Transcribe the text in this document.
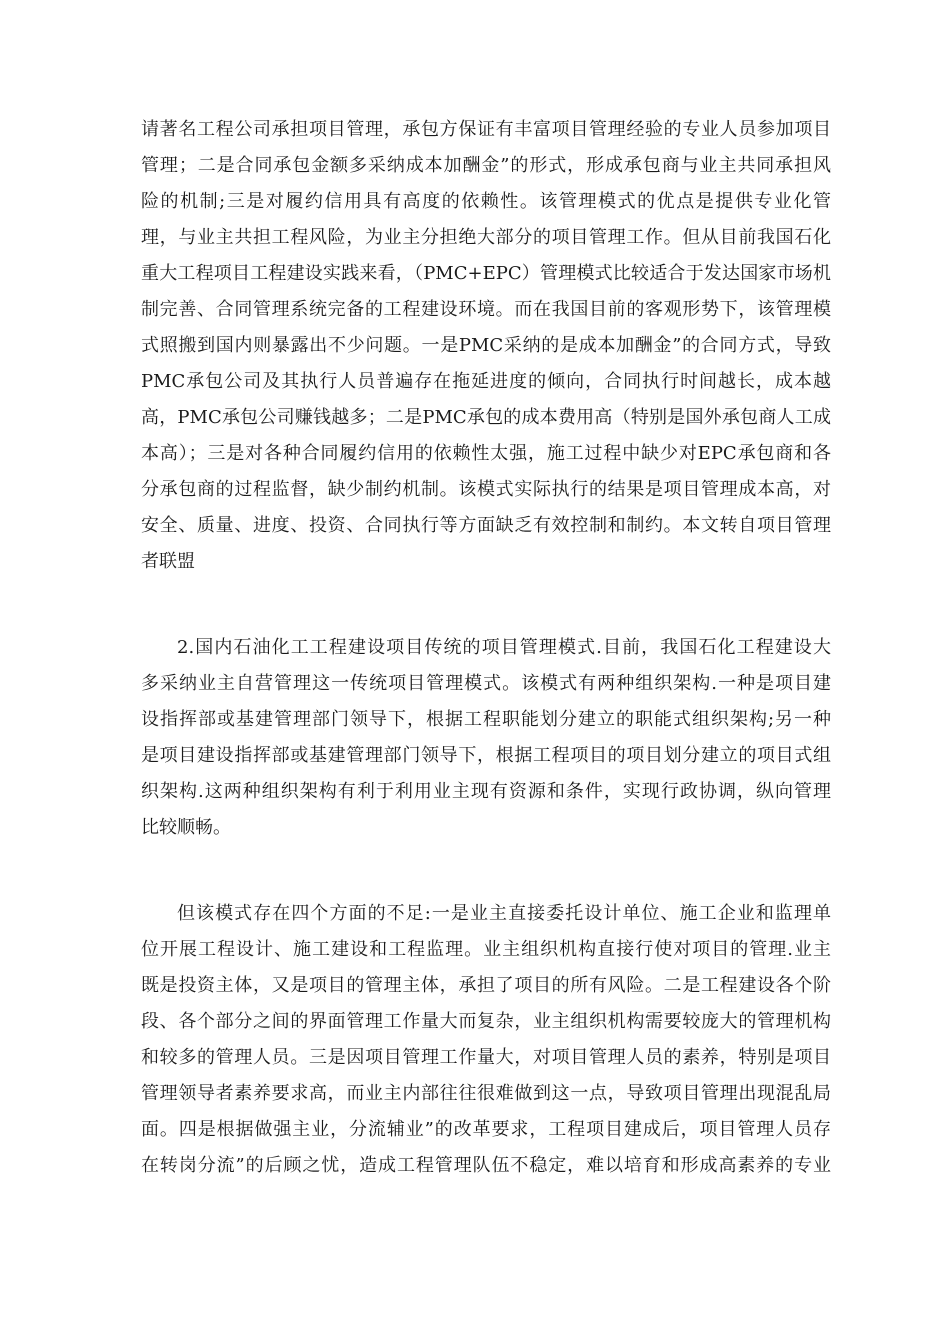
请著名工程公司承担项目管理，承包方保证有丰富项目管理经验的专业人员参加项目
管理；二是合同承包金额多采纳成本加酬金”的形式，形成承包商与业主共同承担风
险的机制;三是对履约信用具有高度的依赖性。该管理模式的优点是提供专业化管
理，与业主共担工程风险，为业主分担绝大部分的项目管理工作。但从目前我国石化
重大工程项目工程建设实践来看，（PMC+EPC）管理模式比较适合于发达国家市场机
制完善、合同管理系统完备的工程建设环境。而在我国目前的客观形势下，该管理模
式照搬到国内则暴露出不少问题。一是PMC采纳的是成本加酬金”的合同方式，导致
PMC承包公司及其执行人员普遍存在拖延进度的倾向，合同执行时间越长，成本越
高，PMC承包公司赚钱越多；二是PMC承包的成本费用高（特别是国外承包商人工成
本高）；三是对各种合同履约信用的依赖性太强，施工过程中缺少对EPC承包商和各
分承包商的过程监督，缺少制约机制。该模式实际执行的结果是项目管理成本高，对
安全、质量、进度、投资、合同执行等方面缺乏有效控制和制约。本文转自项目管理
者联盟
2.国内石油化工工程建设项目传统的项目管理模式.目前，我国石化工程建设大
多采纳业主自营管理这一传统项目管理模式。该模式有两种组织架构.一种是项目建
设指挥部或基建管理部门领导下，根据工程职能划分建立的职能式组织架构;另一种
是项目建设指挥部或基建管理部门领导下，根据工程项目的项目划分建立的项目式组
织架构.这两种组织架构有利于利用业主现有资源和条件，实现行政协调，纵向管理
比较顺畅。
但该模式存在四个方面的不足:一是业主直接委托设计单位、施工企业和监理单
位开展工程设计、施工建设和工程监理。业主组织机构直接行使对项目的管理.业主
既是投资主体，又是项目的管理主体，承担了项目的所有风险。二是工程建设各个阶
段、各个部分之间的界面管理工作量大而复杂，业主组织机构需要较庞大的管理机构
和较多的管理人员。三是因项目管理工作量大，对项目管理人员的素养，特别是项目
管理领导者素养要求高，而业主内部往往很难做到这一点，导致项目管理出现混乱局
面。四是根据做强主业，分流辅业”的改革要求，工程项目建成后，项目管理人员存
在转岗分流”的后顾之忧，造成工程管理队伍不稳定，难以培育和形成高素养的专业
